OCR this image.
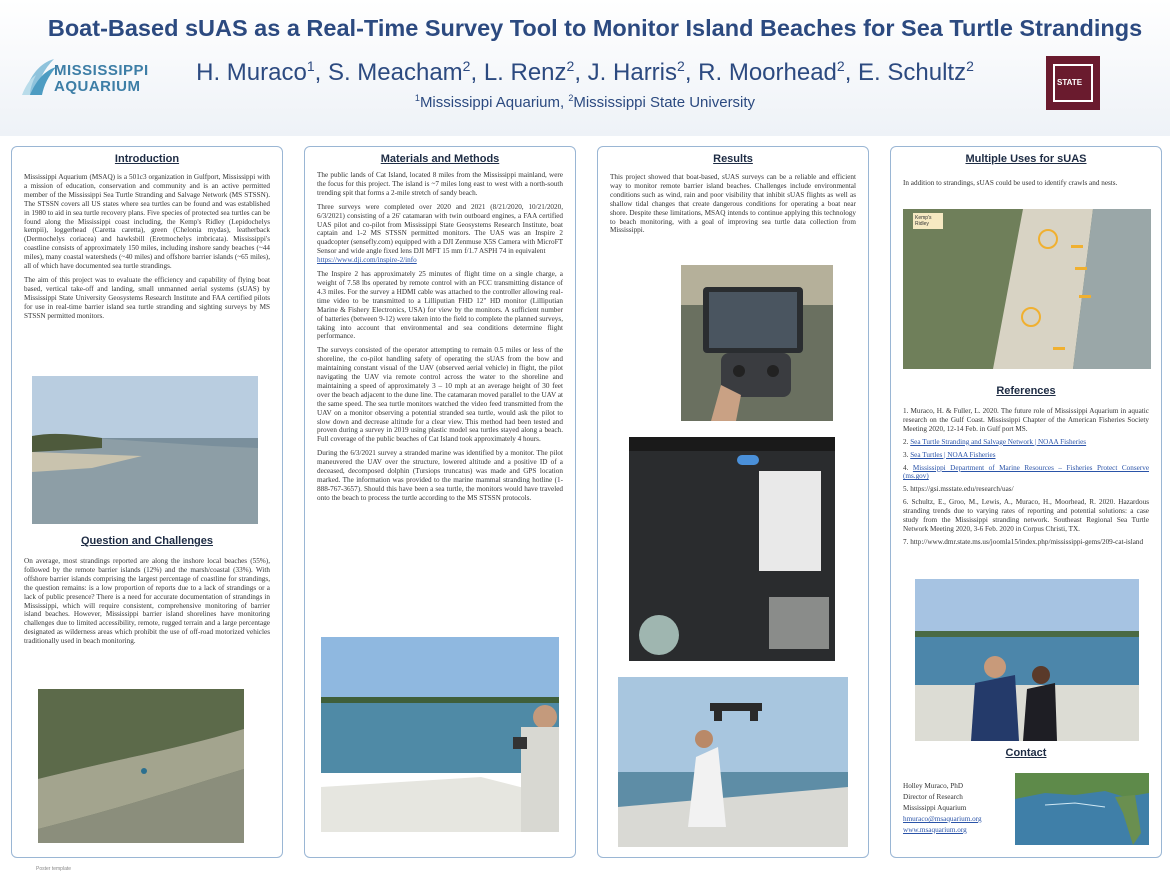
MISSISSIPPI
AQUARIUM
Boat-Based sUAS as a Real-Time Survey Tool to Monitor Island Beaches for Sea Turtle Strandings
H. Muraco$^1$, S. Meacham$^2$, L. Renz$^2$, J. Harris$^2$, R. Moorhead$^2$, E. Schultz$^2$
$^1$Mississippi Aquarium, $^2$Mississippi State University
STATE
Introduction

Mississippi Aquarium (MSAQ) is a 501c3 organization in Gulfport, Mississippi with a mission of education, conservation and community and is an active permitted member of the Mississippi Sea Turtle Stranding and Salvage Network (MS STSSN). The STSSN covers all US states where sea turtles can be found and was established in 1980 to aid in sea turtle recovery plans. Five species of protected sea turtles can be found along the Mississippi coast including, the Kemp's Ridley (Lepidochelys kempii), loggerhead (Caretta caretta), green (Chelonia mydas), leatherback (Dermochelys coriacea) and hawksbill (Eretmochelys imbricata). Mississippi's coastline consists of approximately 150 miles, including inshore sandy beaches (~44 miles), many coastal watersheds (~40 miles) and offshore barrier islands (~65 miles), all of which have documented sea turtle strandings.

The aim of this project was to evaluate the efficiency and capability of flying boat based, vertical take-off and landing, small unmanned aerial systems (sUAS) by Mississippi State University Geosystems Research Institute and FAA certified pilots for use in real-time barrier island sea turtle stranding and sighting surveys by MS STSSN permitted monitors.

Question and Challenges

On average, most strandings reported are along the inshore local beaches (55%), followed by the remote barrier islands (12%) and the marsh/coastal (33%). With offshore barrier islands comprising the largest percentage of coastline for strandings, the question remains: is a low proportion of reports due to a lack of strandings or a lack of public presence? There is a need for accurate documentation of strandings in Mississippi, which will require consistent, comprehensive monitoring of barrier island beaches. However, Mississippi barrier island shorelines have monitoring challenges due to limited accessibility, remote, rugged terrain and a large percentage designated as wilderness areas which prohibit the use of off-road motorized vehicles traditionally used in beach monitoring.

Materials and Methods

The public lands of Cat Island, located 8 miles from the Mississippi mainland, were the focus for this project. The island is ~7 miles long east to west with a north-south trending spit that forms a 2-mile stretch of sandy beach.

Three surveys were completed over 2020 and 2021 (8/21/2020, 10/21/2020, 6/3/2021) consisting of a 26' catamaran with twin outboard engines, a FAA certified UAS pilot and co-pilot from Mississippi State Geosystems Research Institute, boat captain and 1-2 MS STSSN permitted monitors. The UAS was an Inspire 2 quadcopter (sensefly.com) equipped with a DJI Zenmuse X5S Camera with MicroFT Sensor and wide angle fixed lens DJI MFT 15 mm f/1.7 ASPH 74 in equivalent

https://www.dji.com/inspire-2/info

The Inspire 2 has approximately 25 minutes of flight time on a single charge, a weight of 7.58 lbs operated by remote control with an FCC transmitting distance of 4.3 miles. For the survey a HDMI cable was attached to the controller allowing real-time video to be transmitted to a Lilliputian FHD 12" HD monitor (Lilliputian Marine & Fishery Electronics, USA) for view by the monitors. A sufficient number of batteries (between 9-12) were taken into the field to complete the planned surveys, taking into account that environmental and sea conditions determine flight performance.

The surveys consisted of the operator attempting to remain 0.5 miles or less of the shoreline, the co-pilot handling safety of operating the sUAS from the bow and maintaining constant visual of the UAV (observed aerial vehicle) in flight, the pilot navigating the UAV via remote control across the water to the shoreline and maintaining a speed of approximately 3 – 10 mph at an average height of 30 feet over the beach adjacent to the dune line. The catamaran moved parallel to the UAV at the same speed. The sea turtle monitors watched the video feed transmitted from the UAV on a monitor observing a potential stranded sea turtle, would ask the pilot to slow down and decrease altitude for a clear view. This method had been tested and proven during a survey in 2019 using plastic model sea turtles stayed along a beach. Full coverage of the public beaches of Cat Island took approximately 4 hours.

During the 6/3/2021 survey a stranded marine was identified by a monitor. The pilot maneuvered the UAV over the structure, lowered altitude and a positive ID of a deceased, decomposed dolphin (Tursiops truncatus) was made and GPS location marked. The information was provided to the marine mammal stranding hotline (1-888-767-3657). Should this have been a sea turtle, the monitors would have traveled onto the beach to process the turtle according to the MS STSSN protocols.

Results

This project showed that boat-based, sUAS surveys can be a reliable and efficient way to monitor remote barrier island beaches. Challenges include environmental conditions such as wind, rain and poor visibility that inhibit sUAS flights as well as shallow tidal changes that create dangerous conditions for operating a boat near shore. Despite these limitations, MSAQ intends to continue applying this technology to beach monitoring, with a goal of improving sea turtle data collection from Mississippi.

Multiple Uses for sUAS

In addition to strandings, sUAS could be used to identify crawls and nests.

Kemp's Ridley
References
1. Muraco, H. & Fuller, L. 2020. The future role of Mississippi Aquarium in aquatic research on the Gulf Coast. Mississippi Chapter of the American Fisheries Society Meeting 2020, 12-14 Feb. in Gulf port MS.
2. Sea Turtle Stranding and Salvage Network | NOAA Fisheries
3. Sea Turtles | NOAA Fisheries
4. Mississippi Department of Marine Resources – Fisheries Protect Conserve (ms.gov)
5. https://gsi.msstate.edu/research/uas/
6. Schultz, E., Groo, M., Lewis, A., Muraco, H., Moorhead, R. 2020. Hazardous stranding trends due to varying rates of reporting and potential solutions: a case study from the Mississippi stranding network. Southeast Regional Sea Turtle Network Meeting 2020, 3-6 Feb. 2020 in Corpus Christi, TX.
7. http://www.dmr.state.ms.us/joomla15/index.php/mississippi-gems/209-cat-island
Contact
Holley Muraco, PhD
Director of Research
Mississippi Aquarium
hmuraco@msaquarium.org
www.msaquarium.org
Poster template
